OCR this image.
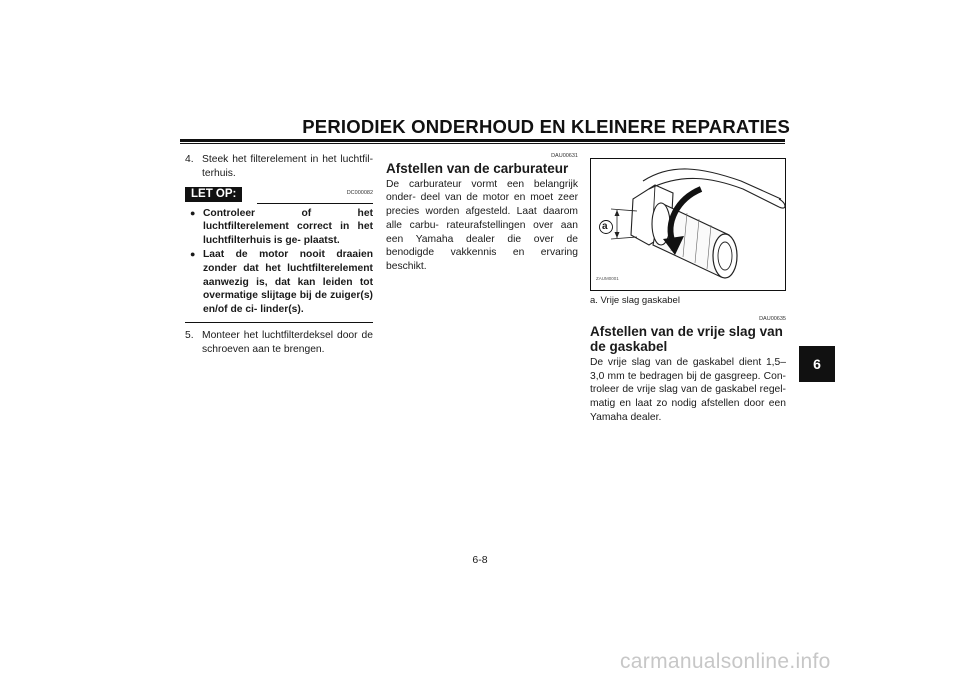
PERIODIEK ONDERHOUD EN KLEINERE REPARATIES
6
4. Steek het filterelement in het luchtfil- terhuis.
LET OP:	DC000082
● Controleer of het luchtfilterelement correct in het luchtfilterhuis is ge- plaatst.
● Laat de motor nooit draaien zonder dat het luchtfilterelement aanwezig is, dat kan leiden tot overmatige slijtage bij de zuiger(s) en/of de ci- linder(s).
5. Monteer het luchtfilterdeksel door de schroeven aan te brengen.
DAU00631
Afstellen van de carburateur
De carburateur vormt een belangrijk onder- deel van de motor en moet zeer precies worden afgesteld. Laat daarom alle carbu- rateurafstellingen over aan een Yamaha dealer die over de benodigde vakkennis en ervaring beschikt.
a
ZAUM0001
a. Vrije slag gaskabel
DAU00635
Afstellen van de vrije slag van de gaskabel
De vrije slag van de gaskabel dient 1,5– 3,0 mm te bedragen bij de gasgreep. Con- troleer de vrije slag van de gaskabel regel- matig en laat zo nodig afstellen door een Yamaha dealer.
6-8
carmanualsonline.info
